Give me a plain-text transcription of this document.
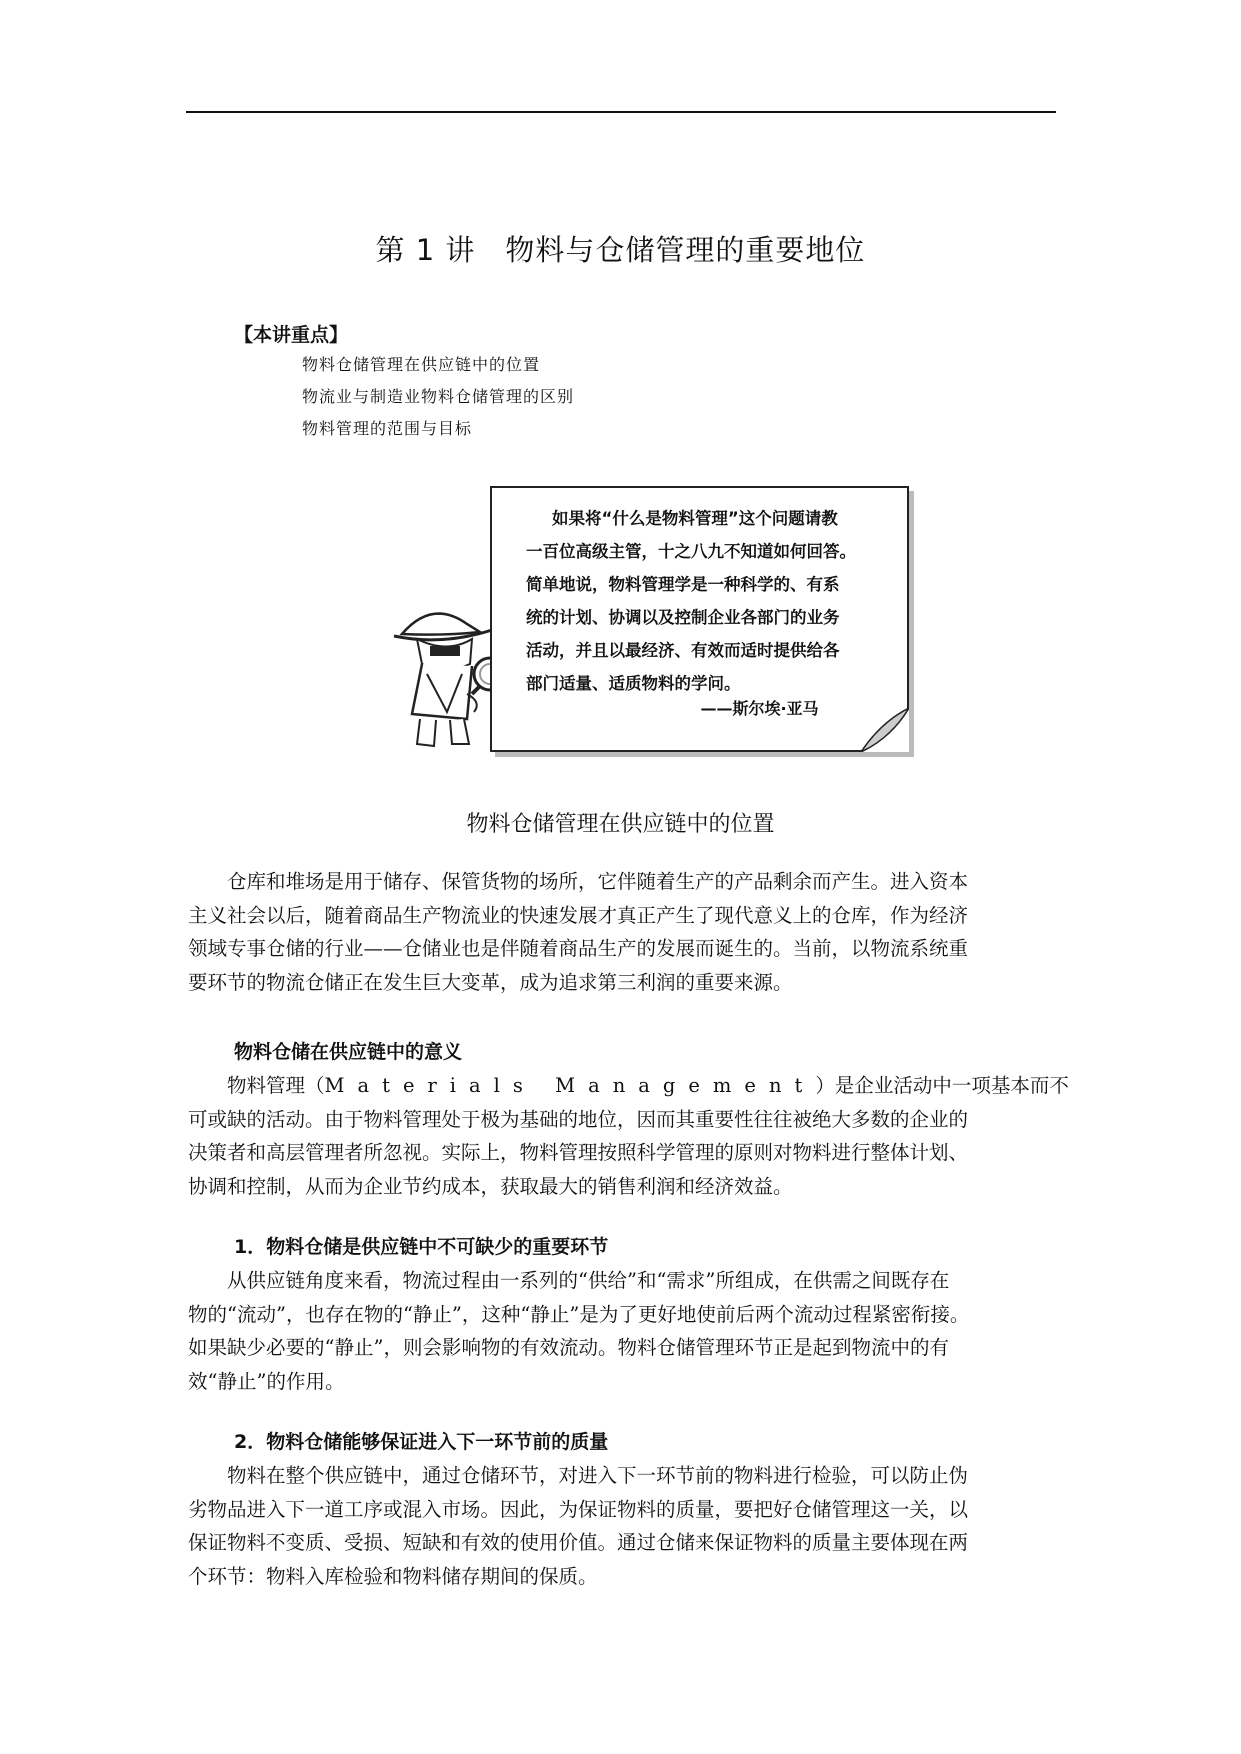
第 1 讲　物料与仓储管理的重要地位
【本讲重点】
物料仓储管理在供应链中的位置
物流业与制造业物料仓储管理的区别
物料管理的范围与目标
如果将“什么是物料管理”这个问题请教
一百位高级主管，十之八九不知道如何回答。
简单地说，物料管理学是一种科学的、有系
统的计划、协调以及控制企业各部门的业务
活动，并且以最经济、有效而适时提供给各
部门适量、适质物料的学问。
——斯尔埃·亚马
物料仓储管理在供应链中的位置
　　仓库和堆场是用于储存、保管货物的场所，它伴随着生产的产品剩余而产生。进入资本
主义社会以后，随着商品生产物流业的快速发展才真正产生了现代意义上的仓库，作为经济
领域专事仓储的行业——仓储业也是伴随着商品生产的发展而诞生的。当前，以物流系统重
要环节的物流仓储正在发生巨大变革，成为追求第三利润的重要来源。
物料仓储在供应链中的意义
　　物料管理（Materials Management）是企业活动中一项基本而不
可或缺的活动。由于物料管理处于极为基础的地位，因而其重要性往往被绝大多数的企业的
决策者和高层管理者所忽视。实际上，物料管理按照科学管理的原则对物料进行整体计划、
协调和控制，从而为企业节约成本，获取最大的销售利润和经济效益。
1．物料仓储是供应链中不可缺少的重要环节
　　从供应链角度来看，物流过程由一系列的“供给”和“需求”所组成，在供需之间既存在
物的“流动”，也存在物的“静止”，这种“静止”是为了更好地使前后两个流动过程紧密衔接。
如果缺少必要的“静止”，则会影响物的有效流动。物料仓储管理环节正是起到物流中的有
效“静止”的作用。
2．物料仓储能够保证进入下一环节前的质量
　　物料在整个供应链中，通过仓储环节，对进入下一环节前的物料进行检验，可以防止伪
劣物品进入下一道工序或混入市场。因此，为保证物料的质量，要把好仓储管理这一关，以
保证物料不变质、受损、短缺和有效的使用价值。通过仓储来保证物料的质量主要体现在两
个环节：物料入库检验和物料储存期间的保质。
